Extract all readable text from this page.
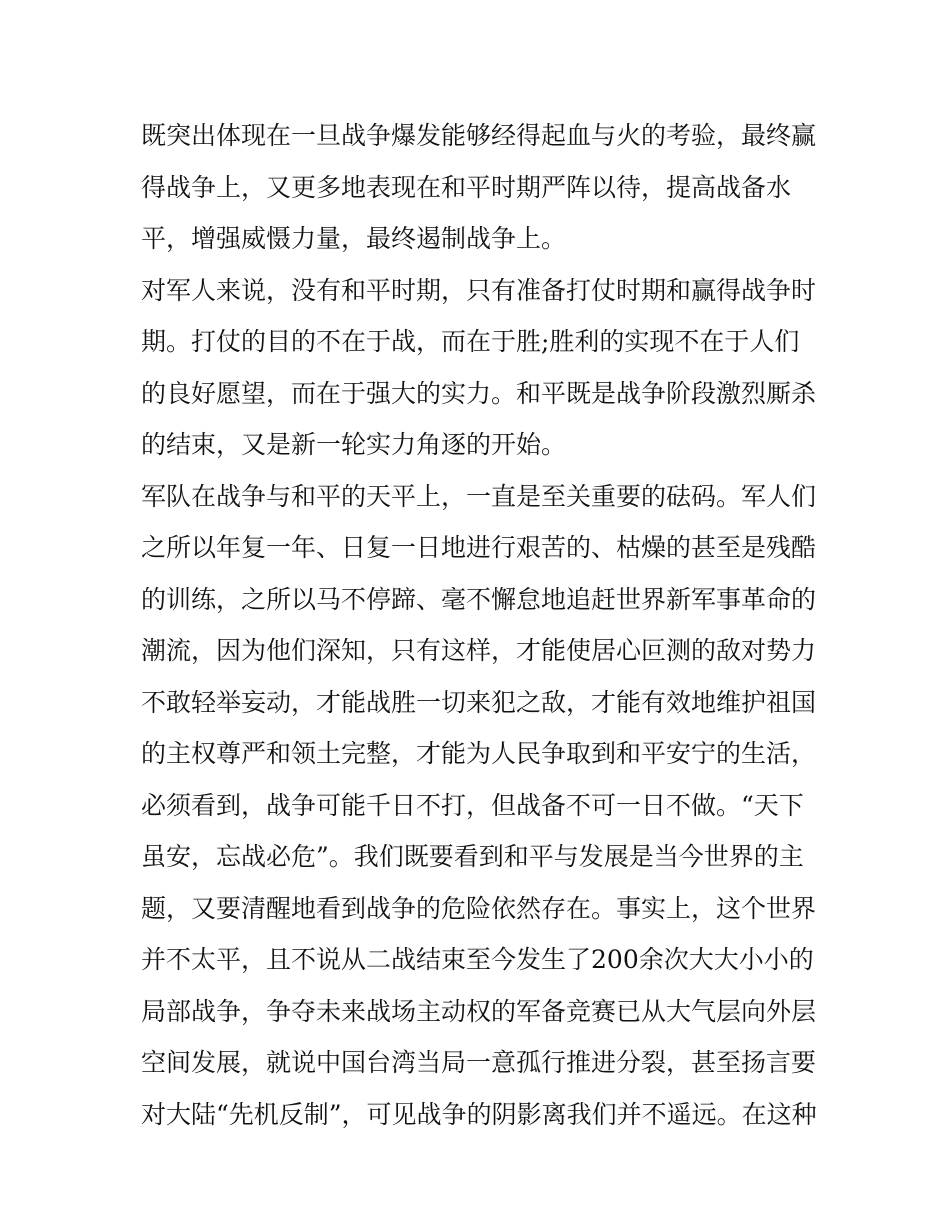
既突出体现在一旦战争爆发能够经得起血与火的考验，最终赢
得战争上，又更多地表现在和平时期严阵以待，提高战备水
平，增强威慑力量，最终遏制战争上。
对军人来说，没有和平时期，只有准备打仗时期和赢得战争时
期。打仗的目的不在于战，而在于胜;胜利的实现不在于人们
的良好愿望，而在于强大的实力。和平既是战争阶段激烈厮杀
的结束，又是新一轮实力角逐的开始。
军队在战争与和平的天平上，一直是至关重要的砝码。军人们
之所以年复一年、日复一日地进行艰苦的、枯燥的甚至是残酷
的训练，之所以马不停蹄、毫不懈怠地追赶世界新军事革命的
潮流，因为他们深知，只有这样，才能使居心叵测的敌对势力
不敢轻举妄动，才能战胜一切来犯之敌，才能有效地维护祖国
的主权尊严和领土完整，才能为人民争取到和平安宁的生活，
必须看到，战争可能千日不打，但战备不可一日不做。“天下
虽安，忘战必危”。我们既要看到和平与发展是当今世界的主
题，又要清醒地看到战争的危险依然存在。事实上，这个世界
并不太平，且不说从二战结束至今发生了200余次大大小小的
局部战争，争夺未来战场主动权的军备竞赛已从大气层向外层
空间发展，就说中国台湾当局一意孤行推进分裂，甚至扬言要
对大陆“先机反制”，可见战争的阴影离我们并不遥远。在这种
